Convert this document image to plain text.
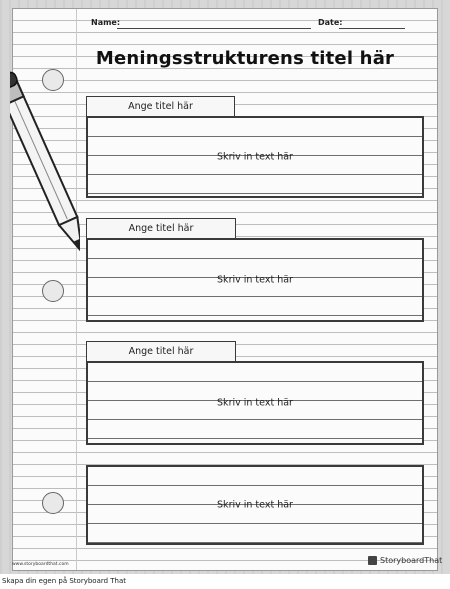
Name:	Date:
Meningsstrukturens titel här
Ange titel här
Skriv in text här
Ange titel här
Skriv in text här
Ange titel här
Skriv in text här
Skriv in text här
www.storyboardthat.com	StoryboardThat
Skapa din egen på Storyboard That
